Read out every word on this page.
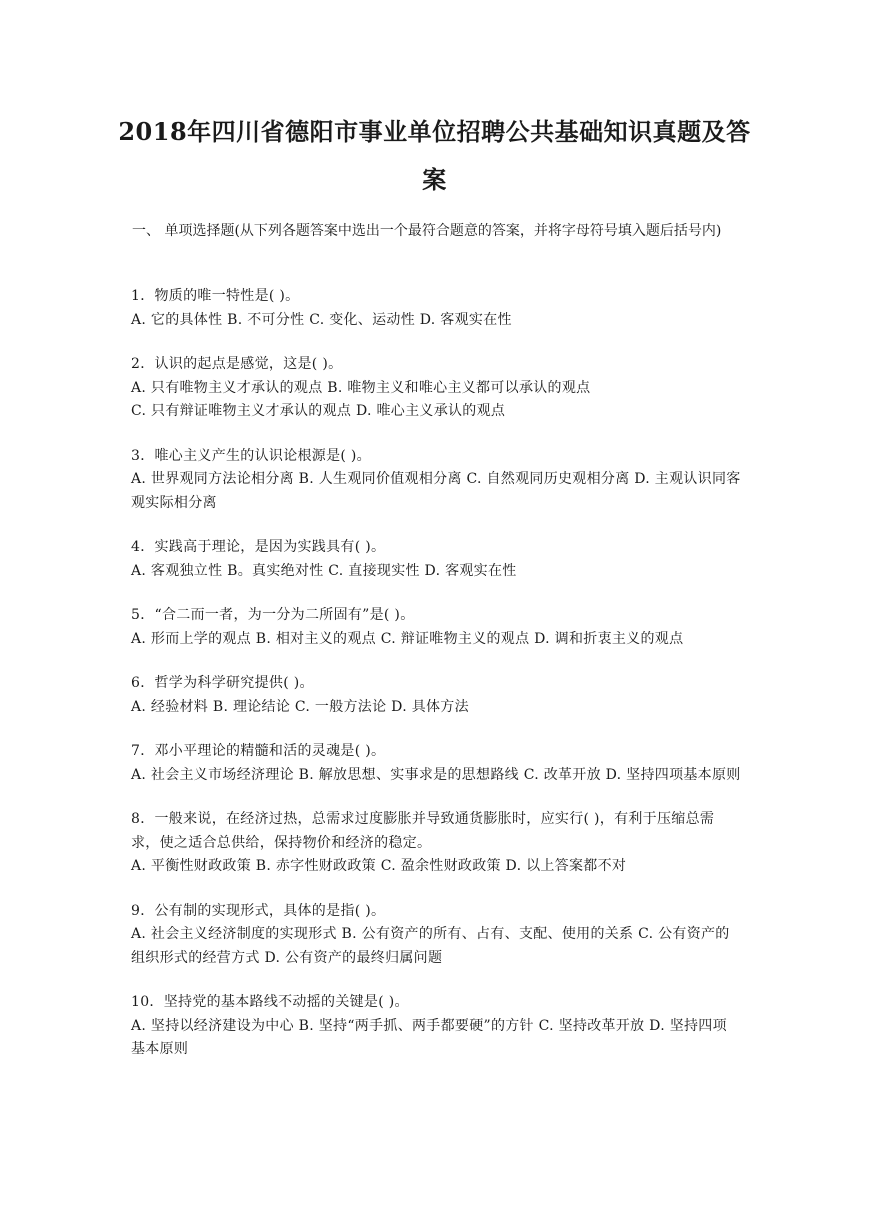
2018年四川省德阳市事业单位招聘公共基础知识真题及答案
一、 单项选择题(从下列各题答案中选出一个最符合题意的答案，并将字母符号填入题后括号内)

1．物质的唯一特性是( )。

A. 它的具体性 B. 不可分性 C. 变化、运动性 D. 客观实在性

2．认识的起点是感觉，这是( )。

A. 只有唯物主义才承认的观点 B. 唯物主义和唯心主义都可以承认的观点

C. 只有辩证唯物主义才承认的观点 D. 唯心主义承认的观点

3．唯心主义产生的认识论根源是( )。

A. 世界观同方法论相分离 B. 人生观同价值观相分离 C. 自然观同历史观相分离 D. 主观认识同客观实际相分离

4．实践高于理论，是因为实践具有( )。

A. 客观独立性 B。真实绝对性 C. 直接现实性 D. 客观实在性

5．“合二而一者，为一分为二所固有”是( )。

A. 形而上学的观点 B. 相对主义的观点 C. 辩证唯物主义的观点 D. 调和折衷主义的观点

6．哲学为科学研究提供( )。

A. 经验材料 B. 理论结论 C. 一般方法论 D. 具体方法

7．邓小平理论的精髓和活的灵魂是( )。

A. 社会主义市场经济理论 B. 解放思想、实事求是的思想路线 C. 改革开放 D. 坚持四项基本原则

8．一般来说，在经济过热，总需求过度膨胀并导致通货膨胀时，应实行( )，有利于压缩总需求，使之适合总供给，保持物价和经济的稳定。

A. 平衡性财政政策 B. 赤字性财政政策 C. 盈余性财政政策 D. 以上答案都不对

9．公有制的实现形式，具体的是指( )。

A. 社会主义经济制度的实现形式 B. 公有资产的所有、占有、支配、使用的关系 C. 公有资产的组织形式的经营方式 D. 公有资产的最终归属问题

10．坚持党的基本路线不动摇的关键是( )。

A. 坚持以经济建设为中心 B. 坚持“两手抓、两手都要硬”的方针 C. 坚持改革开放 D. 坚持四项基本原则
